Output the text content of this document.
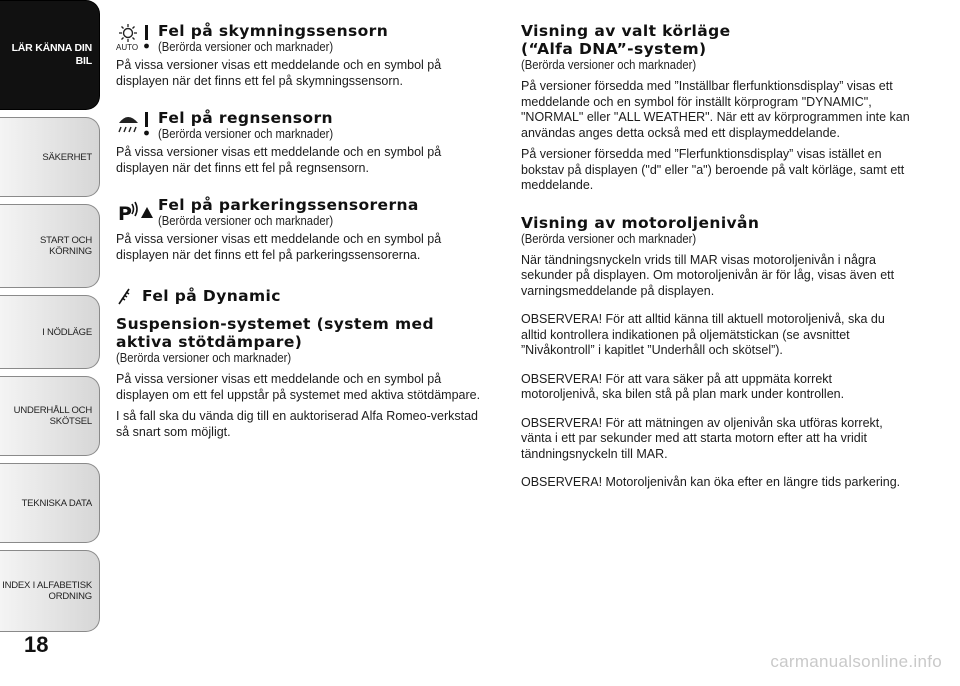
LÄR KÄNNA DIN
BIL
SÄKERHET
START OCH
KÖRNING
I NÖDLÄGE
UNDERHÅLL OCH
SKÖTSEL
TEKNISKA DATA
INDEX I ALFABETISK
ORDNING
18
AUTO
Fel på skymningssensorn
(Berörda versioner och marknader)

På vissa versioner visas ett meddelande och en symbol på displayen när det finns ett fel på skymningssensorn.

Fel på regnsensorn
(Berörda versioner och marknader)

På vissa versioner visas ett meddelande och en symbol på displayen när det finns ett fel på regnsensorn.

P Fel på parkeringssensorerna
(Berörda versioner och marknader)

På vissa versioner visas ett meddelande och en symbol på displayen när det finns ett fel på parkeringssensorerna.

Fel på Dynamic
Suspension-systemet (system med aktiva stötdämpare)
(Berörda versioner och marknader)

På vissa versioner visas ett meddelande och en symbol på displayen om ett fel uppstår på systemet med aktiva stötdämpare.

I så fall ska du vända dig till en auktoriserad Alfa Romeo-verkstad så snart som möjligt.

Visning av valt körläge (“Alfa DNA”-system)
(Berörda versioner och marknader)

På versioner försedda med ”Inställbar flerfunktionsdisplay” visas ett meddelande och en symbol för inställt körprogram "DYNAMIC", "NORMAL" eller "ALL WEATHER". När ett av körprogrammen inte kan användas anges detta också med ett displaymeddelande.

På versioner försedda med ”Flerfunktionsdisplay” visas istället en bokstav på displayen ("d" eller "a") beroende på valt körläge, samt ett meddelande.

Visning av motoroljenivån
(Berörda versioner och marknader)

När tändningsnyckeln vrids till MAR visas motoroljenivån i några sekunder på displayen. Om motoroljenivån är för låg, visas även ett varningsmeddelande på displayen.

OBSERVERA! För att alltid känna till aktuell motoroljenivå, ska du alltid kontrollera indikationen på oljemätstickan (se avsnittet ”Nivåkontroll” i kapitlet ”Underhåll och skötsel”).

OBSERVERA! För att vara säker på att uppmäta korrekt motoroljenivå, ska bilen stå på plan mark under kontrollen.

OBSERVERA! För att mätningen av oljenivån ska utföras korrekt, vänta i ett par sekunder med att starta motorn efter att ha vridit tändningsnyckeln till MAR.

OBSERVERA! Motoroljenivån kan öka efter en längre tids parkering.

carmanualsonline.info
